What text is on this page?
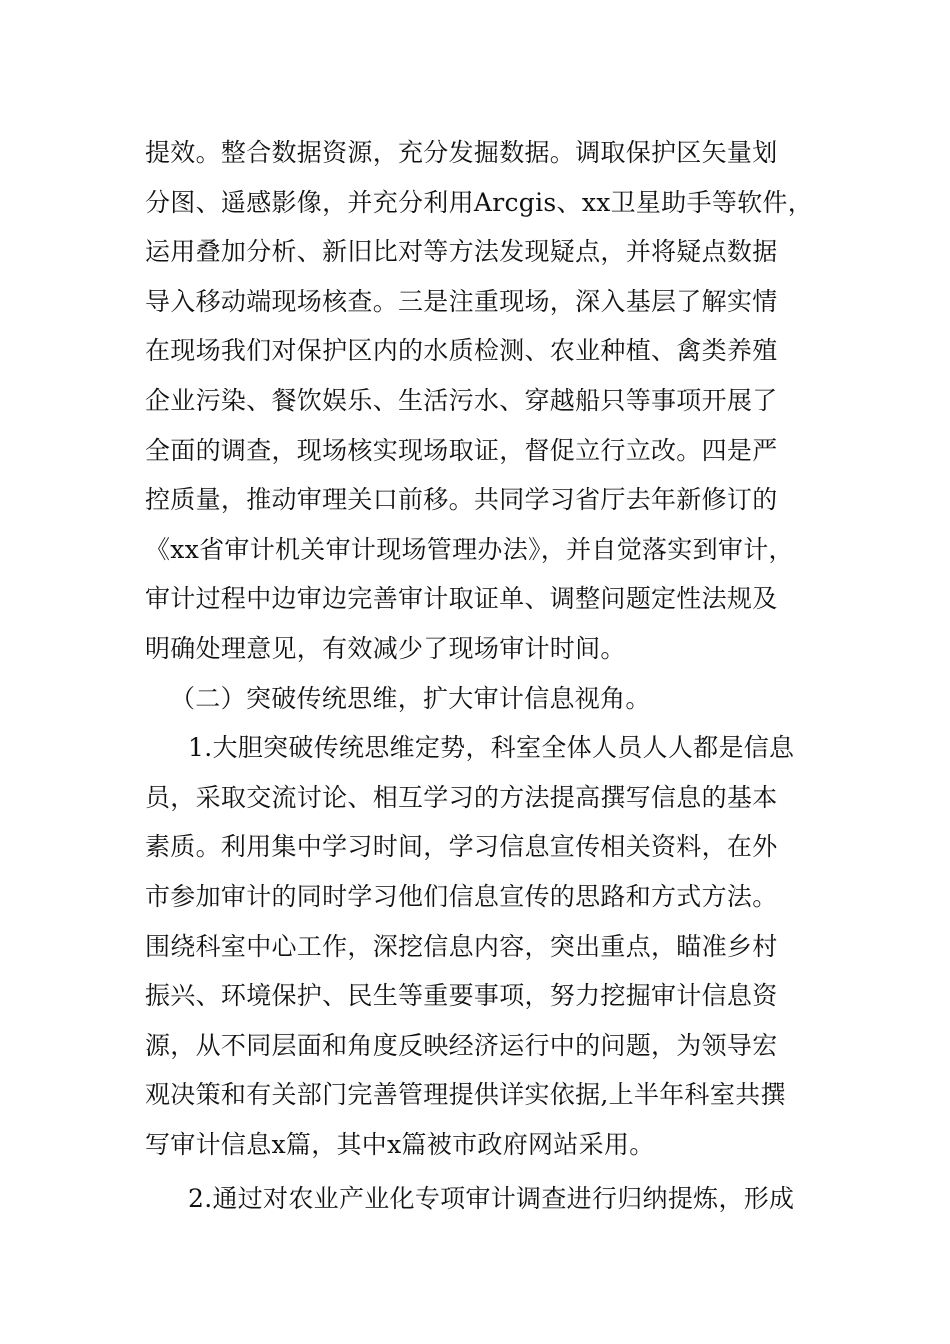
提效。整合数据资源，充分发掘数据。调取保护区矢量划
分图、遥感影像，并充分利用Arcgis、xx卫星助手等软件，
运用叠加分析、新旧比对等方法发现疑点，并将疑点数据
导入移动端现场核查。三是注重现场，深入基层了解实情
在现场我们对保护区内的水质检测、农业种植、禽类养殖
企业污染、餐饮娱乐、生活污水、穿越船只等事项开展了
全面的调查，现场核实现场取证，督促立行立改。四是严
控质量，推动审理关口前移。共同学习省厅去年新修订的
《xx省审计机关审计现场管理办法》，并自觉落实到审计，
审计过程中边审边完善审计取证单、调整问题定性法规及
明确处理意见，有效减少了现场审计时间。
（二）突破传统思维，扩大审计信息视角。
1.大胆突破传统思维定势，科室全体人员人人都是信息
员，采取交流讨论、相互学习的方法提高撰写信息的基本
素质。利用集中学习时间，学习信息宣传相关资料，在外
市参加审计的同时学习他们信息宣传的思路和方式方法。
围绕科室中心工作，深挖信息内容，突出重点，瞄准乡村
振兴、环境保护、民生等重要事项，努力挖掘审计信息资
源，从不同层面和角度反映经济运行中的问题，为领导宏
观决策和有关部门完善管理提供详实依据,上半年科室共撰
写审计信息x篇，其中x篇被市政府网站采用。
2.通过对农业产业化专项审计调查进行归纳提炼，形成
